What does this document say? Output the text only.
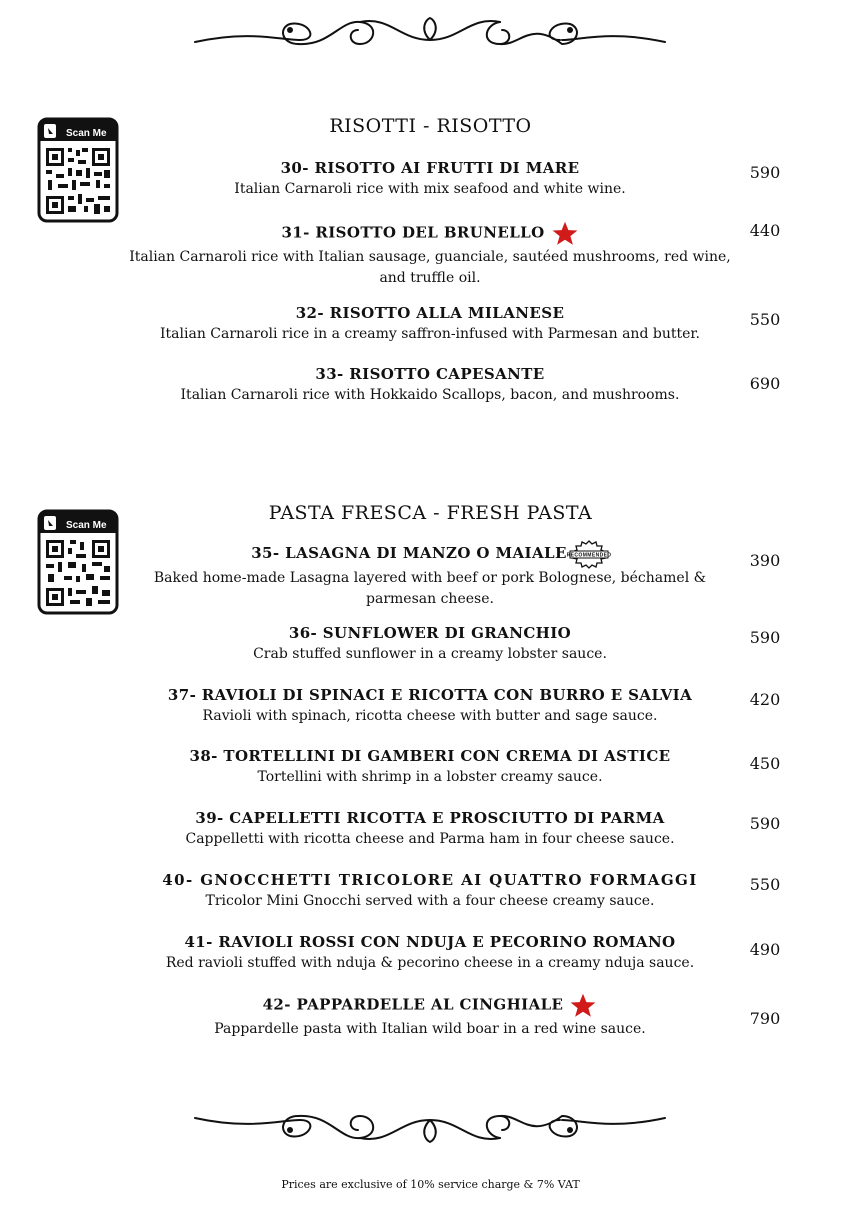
Scan Me	RISOTTI - RISOTTO
30- RISOTTO AI FRUTTI DI MARE
Italian Carnaroli rice with mix seafood and white wine.
590
31- RISOTTO DEL BRUNELLO
Italian Carnaroli rice with Italian sausage, guanciale, sautéed mushrooms, red wine, and truffle oil.
440
32- RISOTTO ALLA MILANESE
Italian Carnaroli rice in a creamy saffron-infused with Parmesan and butter.
550
33- RISOTTO CAPESANTE
Italian Carnaroli rice with Hokkaido Scallops, bacon, and mushrooms.
690
Scan Me
PASTA FRESCA - FRESH PASTA
35- LASAGNA DI MANZO O MAIALE RECOMMENDED
Baked home-made Lasagna layered with beef or pork Bolognese, béchamel & parmesan cheese.
390
36- SUNFLOWER DI GRANCHIO
Crab stuffed sunflower in a creamy lobster sauce.
590
37- RAVIOLI DI SPINACI E RICOTTA CON BURRO E SALVIA
Ravioli with spinach, ricotta cheese with butter and sage sauce.
420
38- TORTELLINI DI GAMBERI CON CREMA DI ASTICE
Tortellini with shrimp in a lobster creamy sauce.
450
39- CAPELLETTI RICOTTA E PROSCIUTTO DI PARMA
Cappelletti with ricotta cheese and Parma ham in four cheese sauce.
590
40- GNOCCHETTI TRICOLORE AI QUATTRO FORMAGGI
Tricolor Mini Gnocchi served with a four cheese creamy sauce.
550
41- RAVIOLI ROSSI CON NDUJA E PECORINO ROMANO
Red ravioli stuffed with nduja & pecorino cheese in a creamy nduja sauce.
490
42- PAPPARDELLE AL CINGHIALE
Pappardelle pasta with Italian wild boar in a red wine sauce.
790
Prices are exclusive of 10% service charge & 7% VAT
